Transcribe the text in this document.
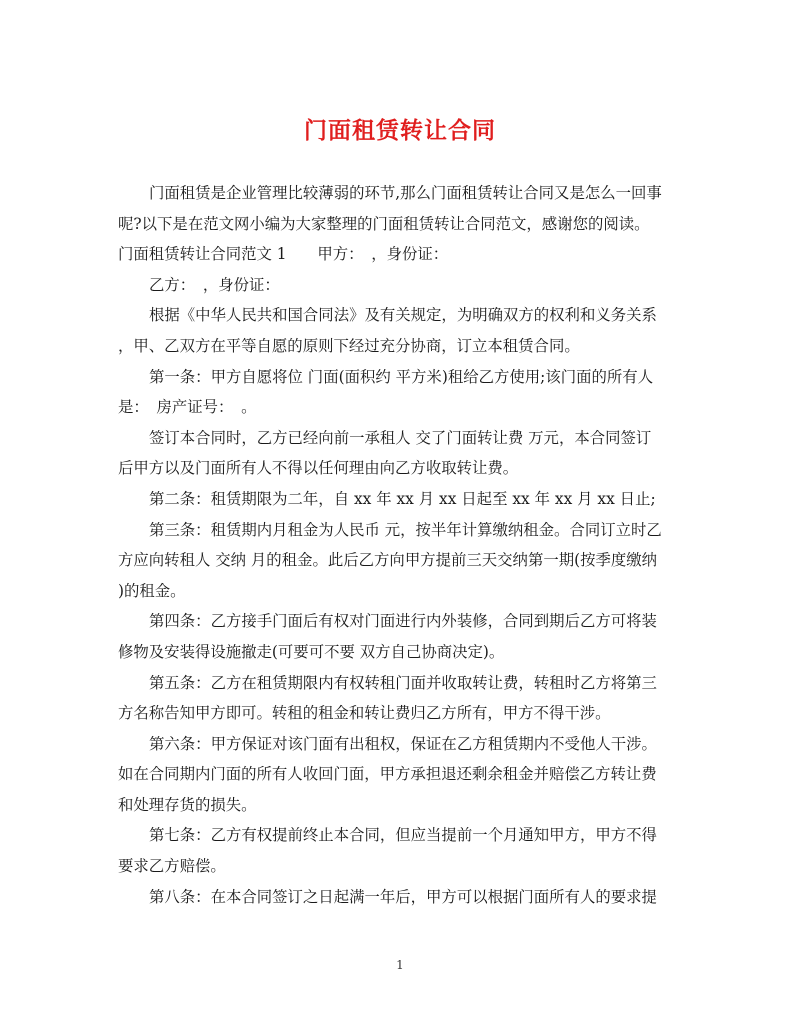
门面租赁转让合同
门面租赁是企业管理比较薄弱的环节,那么门面租赁转让合同又是怎么一回事
呢?以下是在范文网小编为大家整理的门面租赁转让合同范文，感谢您的阅读。
门面租赁转让合同范文 1　　甲方：　，身份证：
乙方：　，身份证：
根据《中华人民共和国合同法》及有关规定，为明确双方的权利和义务关系
，甲、乙双方在平等自愿的原则下经过充分协商，订立本租赁合同。
第一条：甲方自愿将位 门面(面积约 平方米)租给乙方使用;该门面的所有人
是：　房产证号：　。
签订本合同时，乙方已经向前一承租人 交了门面转让费 万元，本合同签订
后甲方以及门面所有人不得以任何理由向乙方收取转让费。
第二条：租赁期限为二年，自 xx 年 xx 月 xx 日起至 xx 年 xx 月 xx 日止;
第三条：租赁期内月租金为人民币 元，按半年计算缴纳租金。合同订立时乙
方应向转租人 交纳 月的租金。此后乙方向甲方提前三天交纳第一期(按季度缴纳
)的租金。
第四条：乙方接手门面后有权对门面进行内外装修，合同到期后乙方可将装
修物及安装得设施撤走(可要可不要 双方自己协商决定)。
第五条：乙方在租赁期限内有权转租门面并收取转让费，转租时乙方将第三
方名称告知甲方即可。转租的租金和转让费归乙方所有，甲方不得干涉。
第六条：甲方保证对该门面有出租权，保证在乙方租赁期内不受他人干涉。
如在合同期内门面的所有人收回门面，甲方承担退还剩余租金并赔偿乙方转让费
和处理存货的损失。
第七条：乙方有权提前终止本合同，但应当提前一个月通知甲方，甲方不得
要求乙方赔偿。
第八条：在本合同签订之日起满一年后，甲方可以根据门面所有人的要求提
1
